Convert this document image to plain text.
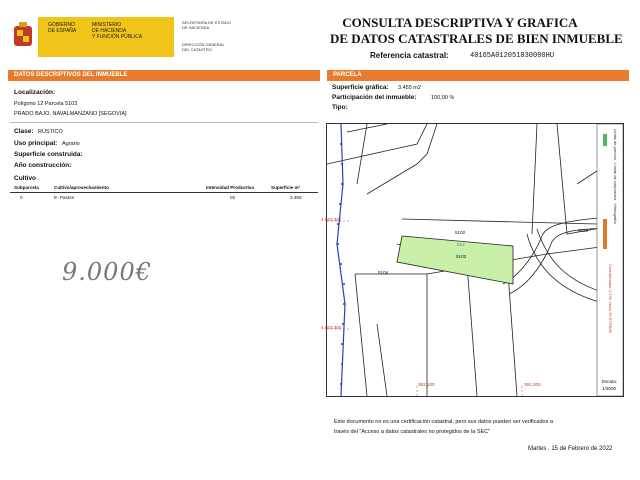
GOBIERNO
DE ESPAÑA
MINISTERIO
DE HACIENDA
Y FUNCIÓN PÚBLICA
SECRETARÍA DE ESTADO
DE HACIENDA
DIRECCIÓN GENERAL
DEL CATASTRO
CONSULTA DESCRIPTIVA Y GRAFICA
DE DATOS CATASTRALES DE BIEN INMUEBLE
Referencia catastral:	40165A012051030000HU
DATOS DESCRIPTIVOS DEL INMUEBLE	PARCELA
Localización:
Polígono 12 Parcela 5103
PRADO BAJO. NAVALMANZANO [SEGOVIA]
Clase: RÚSTICO
Uso principal: Agrario
Superficie construida:
Año construcción:
Cultivo
Subparcela	Cultivo/aprovechamiento	Intensidad Productiva	Superficie m²
0	E- Pastos	02	3.455
9.000€
Superficie gráfica: 3.455 m2
Participación del inmueble:	100,00 %
Tipo:
Límite de parcela · Límite de subparcela · Hidrografía
Coordenadas U.T.M. Huso 30 ETRS89
5102
012
5103
5104
9020
4.563.400
4.563.300
392,100	392,200
Escala:
1/2000
Este documento no es una certificación catastral, pero sus datos pueden ser verificados a
través del "Acceso a datos catastrales no protegidos de la SEC"
Martes , 15 de Febrero de 2022
